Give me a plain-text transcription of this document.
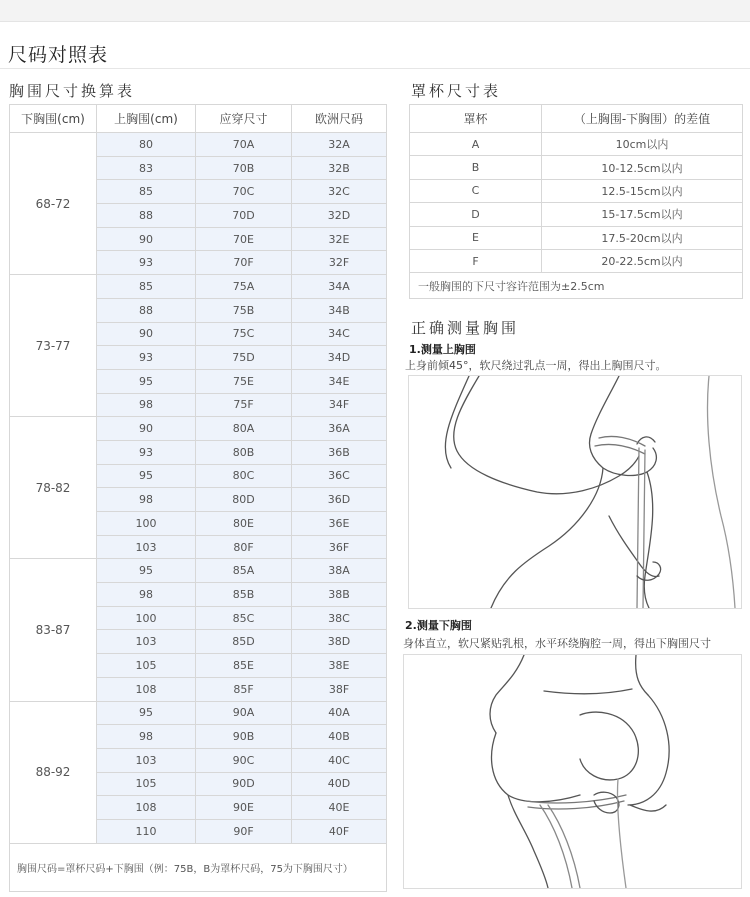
尺码对照表
胸围尺寸换算表
下胸围(cm)	上胸围(cm)	应穿尺寸	欧洲尺码
68-72	80	70A	32A
	83	70B	32B
	85	70C	32C
	88	70D	32D
	90	70E	32E
	93	70F	32F
73-77	85	75A	34A
	88	75B	34B
	90	75C	34C
	93	75D	34D
	95	75E	34E
	98	75F	34F
78-82	90	80A	36A
	93	80B	36B
	95	80C	36C
	98	80D	36D
	100	80E	36E
	103	80F	36F
83-87	95	85A	38A
	98	85B	38B
	100	85C	38C
	103	85D	38D
	105	85E	38E
	108	85F	38F
88-92	95	90A	40A
	98	90B	40B
	103	90C	40C
	105	90D	40D
	108	90E	40E
	110	90F	40F
胸围尺码=罩杯尺码+下胸围（例：75B，B为罩杯尺码，75为下胸围尺寸）			
罩杯尺寸表
罩杯	（上胸围-下胸围）的差值
A	10cm以内
B	10-12.5cm以内
C	12.5-15cm以内
D	15-17.5cm以内
E	17.5-20cm以内
F	20-22.5cm以内
一般胸围的下尺寸容许范围为±2.5cm	
正确测量胸围
1.测量上胸围
上身前倾45°，软尺绕过乳点一周，得出上胸围尺寸。
2.测量下胸围
身体直立，软尺紧贴乳根，水平环绕胸腔一周，得出下胸围尺寸
